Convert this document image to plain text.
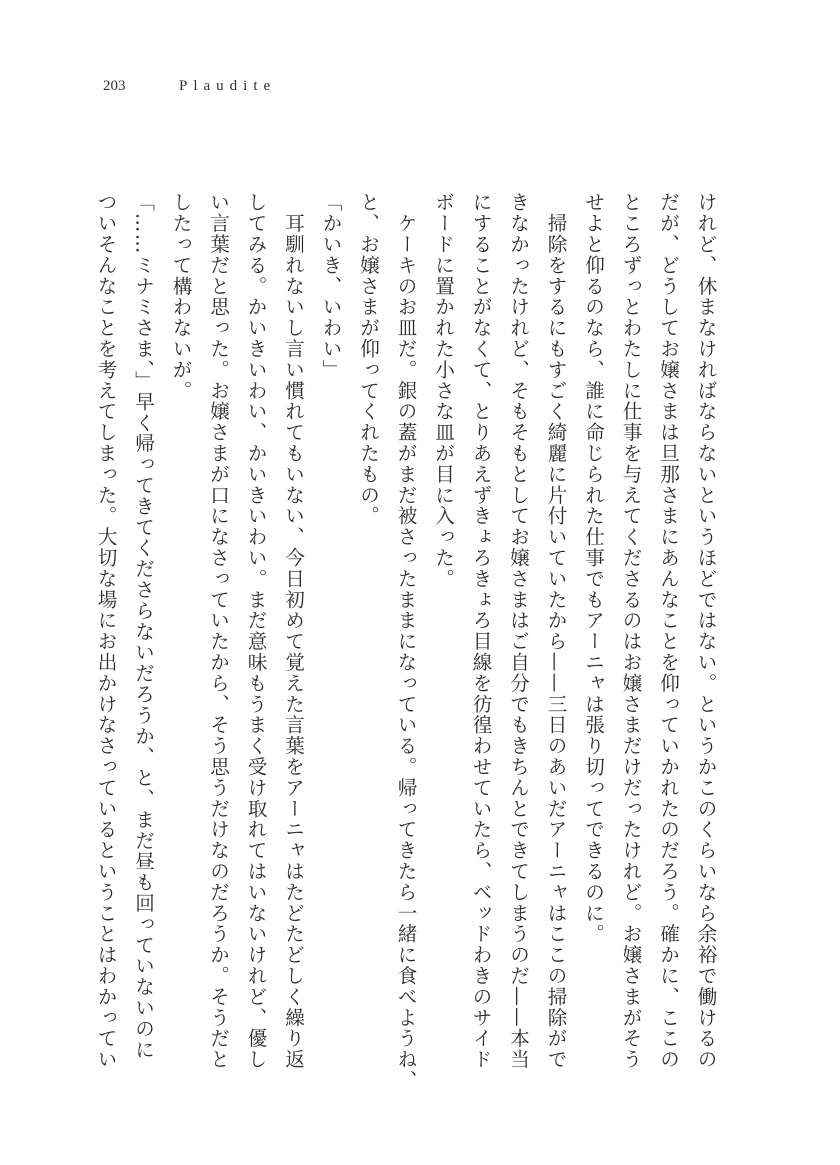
203	Plaudite
けれど、休まなければならないというほどではない。というかこのくらいなら余裕で働けるの
だが、どうしてお嬢さまは旦那さまにあんなことを仰っていかれたのだろう。確かに、ここの
ところずっとわたしに仕事を与えてくださるのはお嬢さまだけだったけれど。お嬢さまがそう
せよと仰るのなら、誰に命じられた仕事でもアーニャは張り切ってできるのに。
　掃除をするにもすごく綺麗に片付いていたから——三日のあいだアーニャはここの掃除がで
きなかったけれど、そもそもとしてお嬢さまはご自分でもきちんとできてしまうのだ——本当
にすることがなくて、とりあえずきょろきょろ目線を彷徨わせていたら、ベッドわきのサイド
ボードに置かれた小さな皿が目に入った。
　ケーキのお皿だ。銀の蓋がまだ被さったままになっている。帰ってきたら一緒に食べようね、
と、お嬢さまが仰ってくれたもの。
「かいき、いわい」
　耳馴れないし言い慣れてもいない、今日初めて覚えた言葉をアーニャはたどたどしく繰り返
してみる。かいきいわい、かいきいわい。まだ意味もうまく受け取れてはいないけれど、優し
い言葉だと思った。お嬢さまが口になさっていたから、そう思うだけなのだろうか。そうだと
したって構わないが。
「……ミナミさま、」早く帰ってきてくださらないだろうか、と、まだ昼も回っていないのに
ついそんなことを考えてしまった。大切な場にお出かけなさっているということはわかってい
